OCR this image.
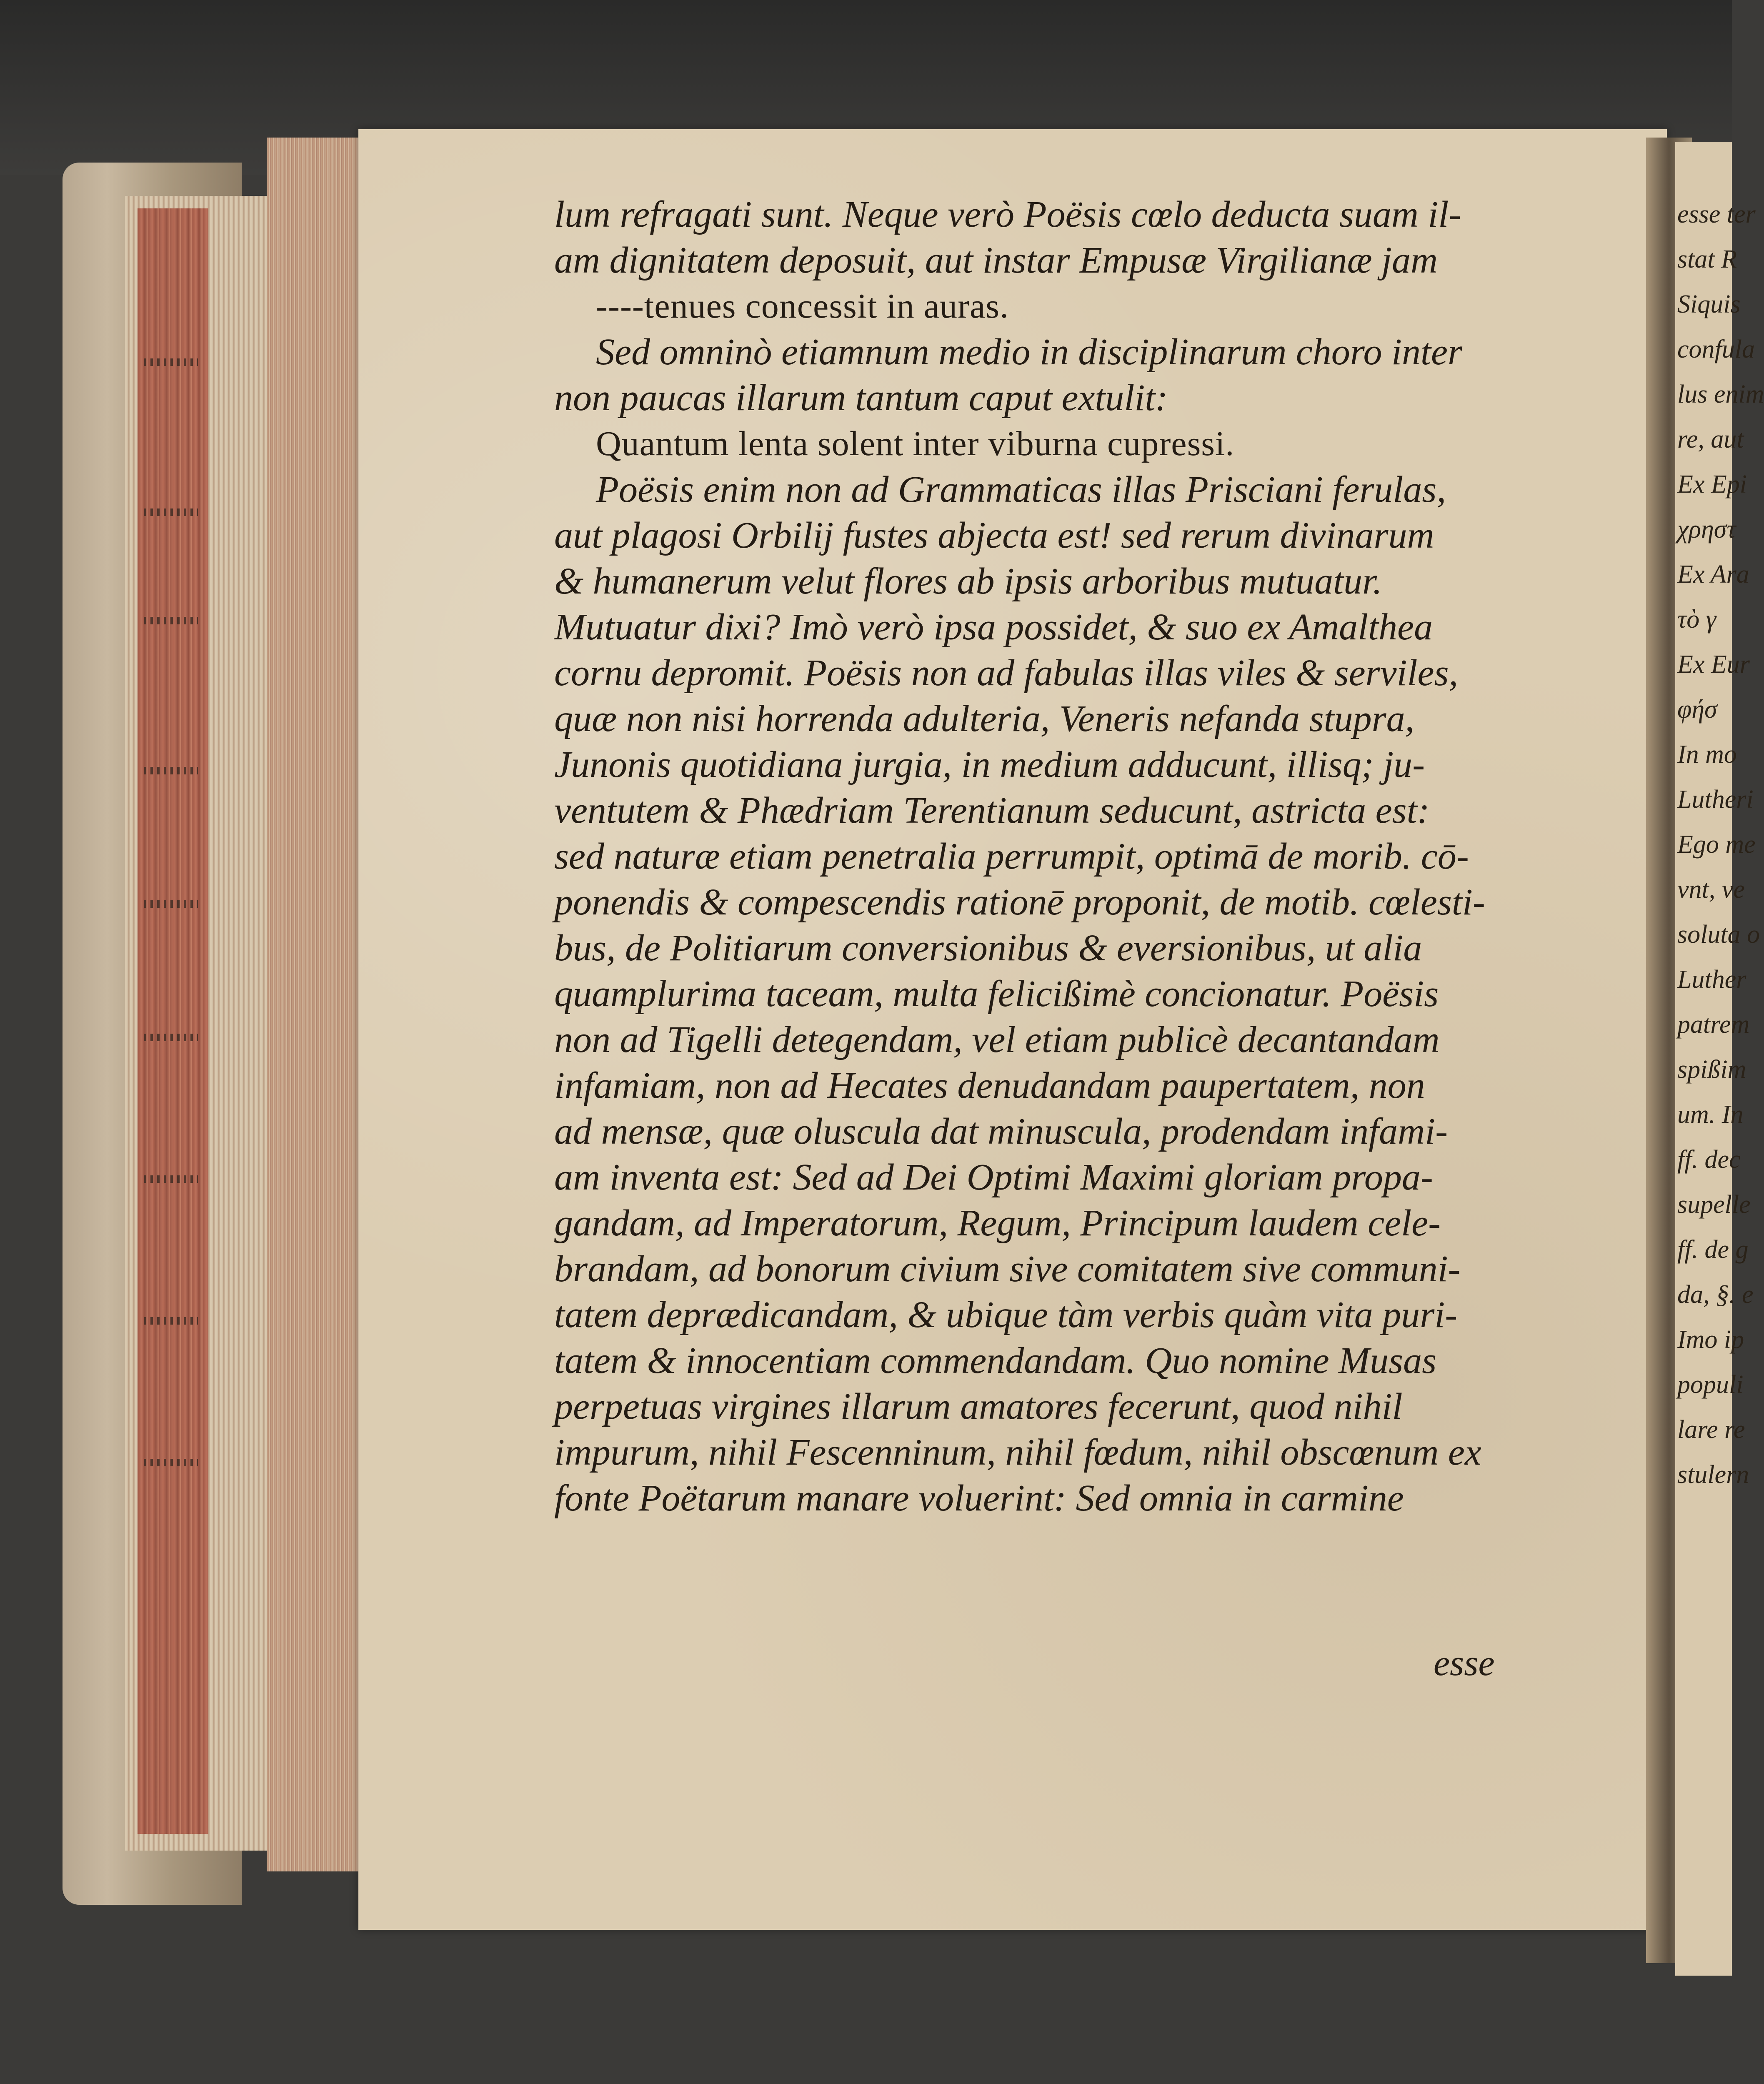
esse ter
stat R
Siquis
confula
lus enim
re, aut
Ex Epi
χρηστ
Ex Ara
τὸ γ
Ex Eur
φήσ
In mo
Lutheri
Ego me
vnt, ve
soluta o
Luther
patrem
spißim
um. In
ff. dec
supelle
ff. de g
da, §. e
Imo ip
populi
lare re
stulern
lum refragati sunt. Neque verò Poësis cœlo deducta suam il-
am dignitatem deposuit, aut instar Empusæ Virgilianæ jam
----tenues concessit in auras.
Sed omninò etiamnum medio in disciplinarum choro inter
non paucas illarum tantum caput extulit:
Quantum lenta solent inter viburna cupressi.
Poësis enim non ad Grammaticas illas Prisciani ferulas,
aut plagosi Orbilij fustes abjecta est! sed rerum divinarum
& humanerum velut flores ab ipsis arboribus mutuatur.
Mutuatur dixi? Imò verò ipsa possidet, & suo ex Amalthea
cornu depromit. Poësis non ad fabulas illas viles & serviles,
quæ non nisi horrenda adulteria, Veneris nefanda stupra,
Junonis quotidiana jurgia, in medium adducunt, illisq; ju-
ventutem & Phædriam Terentianum seducunt, astricta est:
sed naturæ etiam penetralia perrumpit, optimā de morib. cō-
ponendis & compescendis rationē proponit, de motib. cœlesti-
bus, de Politiarum conversionibus & eversionibus, ut alia
quamplurima taceam, multa felicißimè concionatur. Poësis
non ad Tigelli detegendam, vel etiam publicè decantandam
infamiam, non ad Hecates denudandam paupertatem, non
ad mensæ, quæ oluscula dat minuscula, prodendam infami-
am inventa est: Sed ad Dei Optimi Maximi gloriam propa-
gandam, ad Imperatorum, Regum, Principum laudem cele-
brandam, ad bonorum civium sive comitatem sive communi-
tatem deprædicandam, & ubique tàm verbis quàm vita puri-
tatem & innocentiam commendandam. Quo nomine Musas
perpetuas virgines illarum amatores fecerunt, quod nihil
impurum, nihil Fescenninum, nihil fœdum, nihil obscœnum ex
fonte Poëtarum manare voluerint: Sed omnia in carmine
esse
